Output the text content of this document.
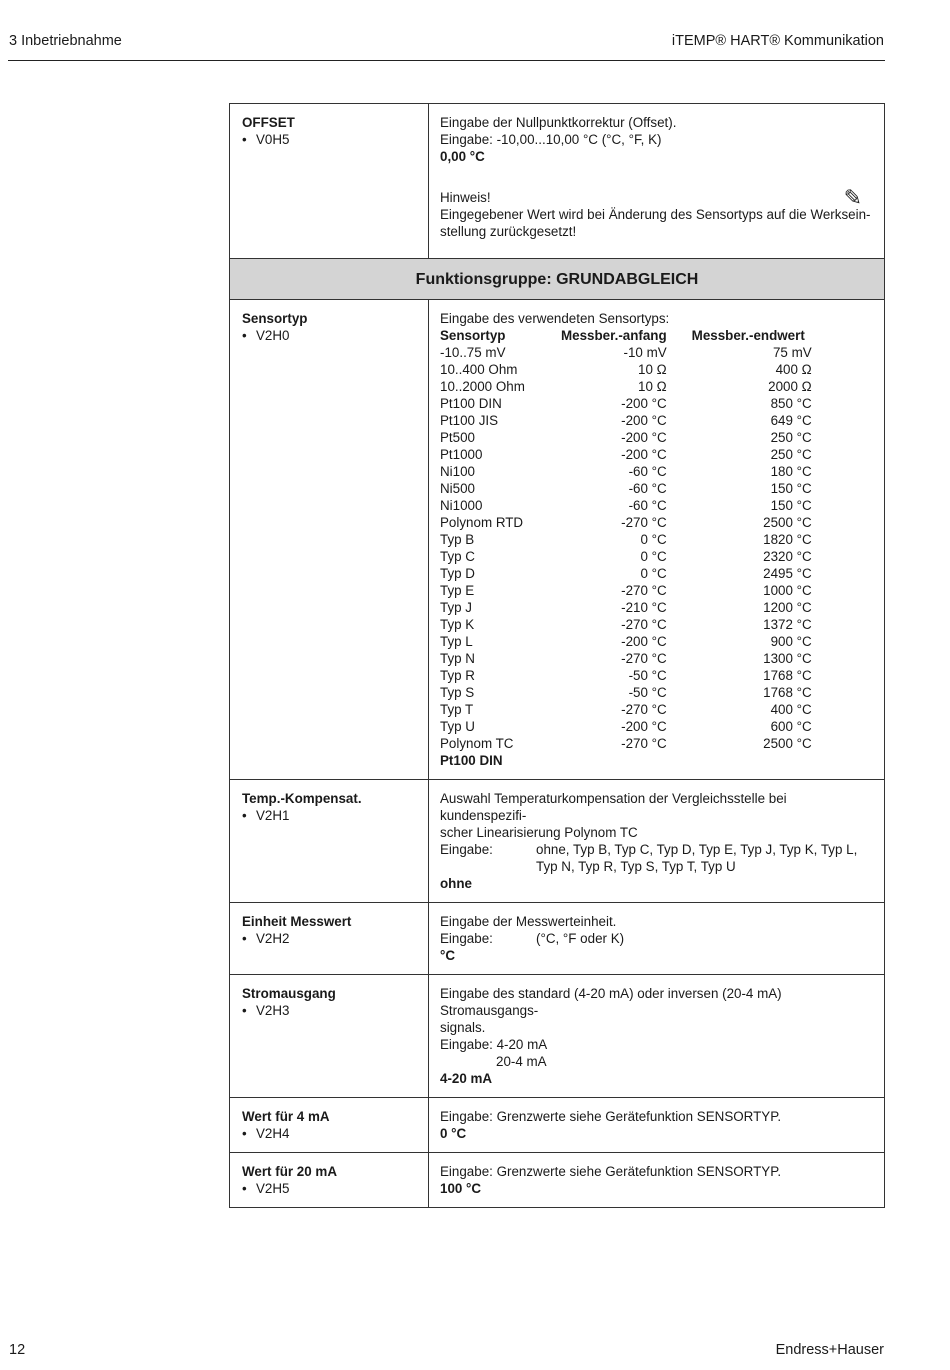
3 Inbetriebnahme	iTEMP® HART® Kommunikation
OFFSET
• V0H5

Eingabe der Nullpunktkorrektur (Offset).
Eingabe: -10,00...10,00 °C (°C, °F, K)
0,00 °C
✎
Hinweis!
Eingegebener Wert wird bei Änderung des Sensortyps auf die Werksein-
stellung zurückgesetzt!

Funktionsgruppe: GRUNDABGLEICH

Sensortyp
• V2H0

Eingabe des verwendeten Sensortyps:
Sensortyp	Messber.-anfang	Messber.-endwert
-10..75 mV	-10 mV	75 mV
10..400 Ohm	10 Ω	400 Ω
10..2000 Ohm	10 Ω	2000 Ω
Pt100 DIN	-200 °C	850 °C
Pt100 JIS	-200 °C	649 °C
Pt500	-200 °C	250 °C
Pt1000	-200 °C	250 °C
Ni100	-60 °C	180 °C
Ni500	-60 °C	150 °C
Ni1000	-60 °C	150 °C
Polynom RTD	-270 °C	2500 °C
Typ B	0 °C	1820 °C
Typ C	0 °C	2320 °C
Typ D	0 °C	2495 °C
Typ E	-270 °C	1000 °C
Typ J	-210 °C	1200 °C
Typ K	-270 °C	1372 °C
Typ L	-200 °C	900 °C
Typ N	-270 °C	1300 °C
Typ R	-50 °C	1768 °C
Typ S	-50 °C	1768 °C
Typ T	-270 °C	400 °C
Typ U	-200 °C	600 °C
Polynom TC	-270 °C	2500 °C
Pt100 DIN

Temp.-Kompensat.
• V2H1

Auswahl Temperaturkompensation der Vergleichsstelle bei kundenspezifi-
scher Linearisierung Polynom TC
Eingabe:	ohne, Typ B, Typ C, Typ D, Typ E, Typ J, Typ K, Typ L,
Typ N, Typ R, Typ S, Typ T, Typ U
ohne

Einheit Messwert
• V2H2

Eingabe der Messwerteinheit.
Eingabe:	(°C, °F oder K)
°C

Stromausgang
• V2H3

Eingabe des standard (4-20 mA) oder inversen (20-4 mA) Stromausgangs-
signals.
Eingabe: 4-20 mA
20-4 mA
4-20 mA

Wert für 4 mA
• V2H4

Eingabe: Grenzwerte siehe Gerätefunktion SENSORTYP.
0 °C

Wert für 20 mA
• V2H5

Eingabe: Grenzwerte siehe Gerätefunktion SENSORTYP.
100 °C
12	Endress+Hauser
